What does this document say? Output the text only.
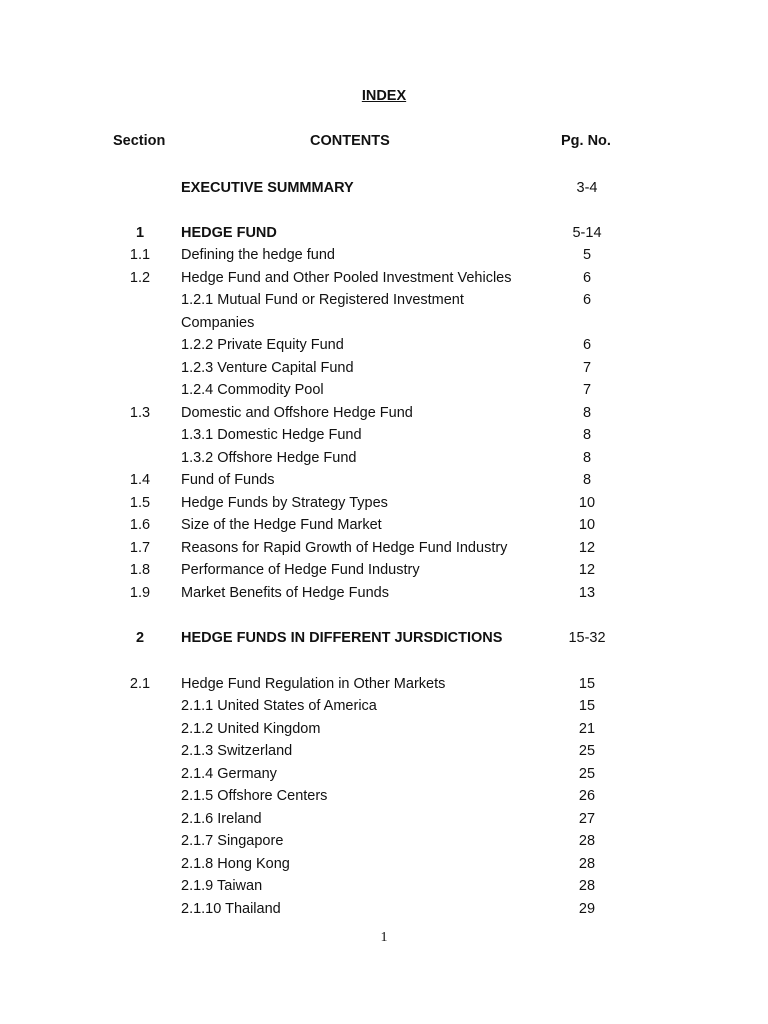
INDEX
Section	CONTENTS	Pg. No.
EXECUTIVE SUMMMARY	3-4
1	HEDGE FUND	5-14
1.1	Defining the hedge fund	5
1.2	Hedge Fund and Other Pooled Investment Vehicles	6
1.2.1 Mutual Fund or Registered Investment	6
Companies
1.2.2 Private Equity Fund	6
1.2.3 Venture Capital Fund	7
1.2.4 Commodity Pool	7
1.3	Domestic and Offshore Hedge Fund	8
1.3.1 Domestic Hedge Fund	8
1.3.2 Offshore Hedge Fund	8
1.4	Fund of Funds	8
1.5	Hedge Funds by Strategy Types	10
1.6	Size of the Hedge Fund Market	10
1.7	Reasons for Rapid Growth of Hedge Fund Industry	12
1.8	Performance of Hedge Fund Industry	12
1.9	Market Benefits of Hedge Funds	13
2	HEDGE FUNDS IN DIFFERENT JURSDICTIONS	15-32
2.1	Hedge Fund Regulation in Other Markets	15
2.1.1 United States of America	15
2.1.2 United Kingdom	21
2.1.3 Switzerland	25
2.1.4 Germany	25
2.1.5 Offshore Centers	26
2.1.6 Ireland	27
2.1.7 Singapore	28
2.1.8 Hong Kong	28
2.1.9 Taiwan	28
2.1.10 Thailand	29
1
